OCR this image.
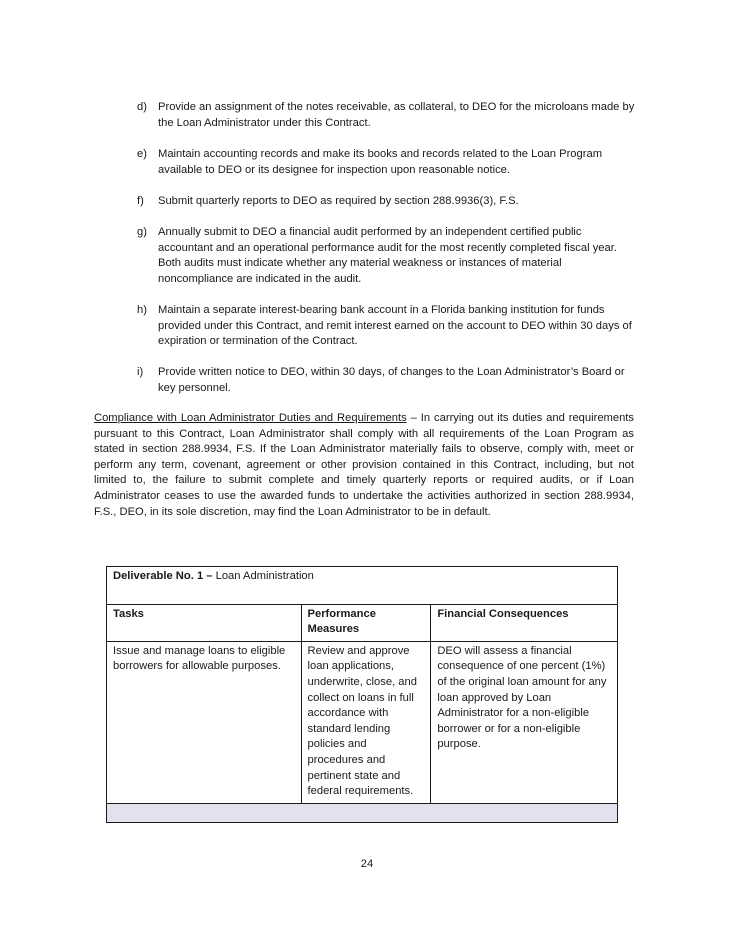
d) Provide an assignment of the notes receivable, as collateral, to DEO for the microloans made by the Loan Administrator under this Contract.
e) Maintain accounting records and make its books and records related to the Loan Program available to DEO or its designee for inspection upon reasonable notice.
f) Submit quarterly reports to DEO as required by section 288.9936(3), F.S.
g) Annually submit to DEO a financial audit performed by an independent certified public accountant and an operational performance audit for the most recently completed fiscal year. Both audits must indicate whether any material weakness or instances of material noncompliance are indicated in the audit.
h) Maintain a separate interest-bearing bank account in a Florida banking institution for funds provided under this Contract, and remit interest earned on the account to DEO within 30 days of expiration or termination of the Contract.
i) Provide written notice to DEO, within 30 days, of changes to the Loan Administrator’s Board or key personnel.
Compliance with Loan Administrator Duties and Requirements – In carrying out its duties and requirements pursuant to this Contract, Loan Administrator shall comply with all requirements of the Loan Program as stated in section 288.9934, F.S. If the Loan Administrator materially fails to observe, comply with, meet or perform any term, covenant, agreement or other provision contained in this Contract, including, but not limited to, the failure to submit complete and timely quarterly reports or required audits, or if Loan Administrator ceases to use the awarded funds to undertake the activities authorized in section 288.9934, F.S., DEO, in its sole discretion, may find the Loan Administrator to be in default.
Deliverable No. 1 – Loan Administration		
Tasks	Performance Measures	Financial Consequences
Issue and manage loans to eligible borrowers for allowable purposes.	Review and approve loan applications, underwrite, close, and collect on loans in full accordance with standard lending policies and procedures and pertinent state and federal requirements.	DEO will assess a financial consequence of one percent (1%) of the original loan amount for any loan approved by Loan Administrator for a non-eligible borrower or for a non-eligible purpose.

24
